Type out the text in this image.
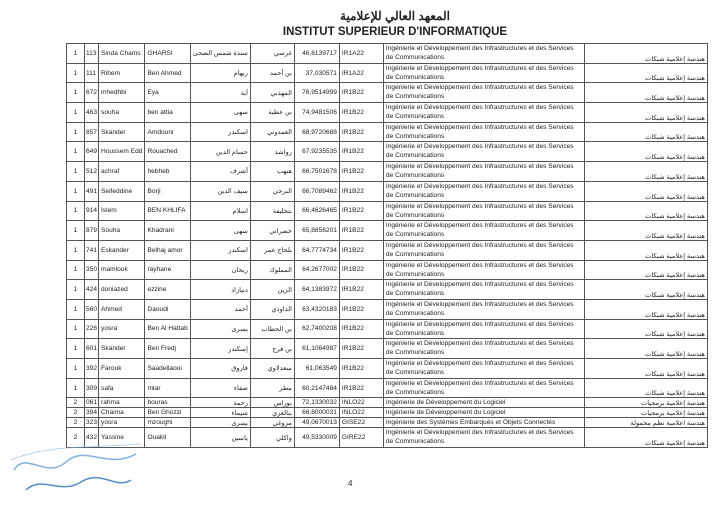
المعهد العالي للإعلامية
INSTITUT SUPERIEUR D'INFORMATIQUE
1	113	Sinda Chams	GHARSI	سندة شمس الضحى	غرسي	46,6139717	IR1A22	Ingénierie et Développement des Infrastructures et des Services de Communications	هندسة إعلامية شبكات
1	111	Rihem	Ben Ahmed	ريهام	بن أحمد	37,030571	IR1A22	Ingénierie et Développement des Infrastructures et des Services de Communications	هندسة إعلامية شبكات
1	672	mhedhbi	Eya	آية	المهذبي	76,9514999	IR1B22	Ingénierie et Développement des Infrastructures et des Services de Communications	هندسة إعلامية شبكات
1	463	souha	ben attia	سهى	بن عطية	74,9481506	IR1B22	Ingénierie et Développement des Infrastructures et des Services de Communications	هندسة إعلامية شبكات
1	857	Skander	Amdouni	اسكندر	العمدوني	68,9720688	IR1B22	Ingénierie et Développement des Infrastructures et des Services de Communications	هندسة إعلامية شبكات
1	649	Houssem Edd	Rouached	حسام الدين	رواشد	67,9235535	IR1B22	Ingénierie et Développement des Infrastructures et des Services de Communications	هندسة إعلامية شبكات
1	512	achraf	hebheb	أشرف	هبهب	66,7501678	IR1B22	Ingénierie et Développement des Infrastructures et des Services de Communications	هندسة إعلامية شبكات
1	491	Seifeddine	Borji	سيف الدين	البرجي	66,7089462	IR1B22	Ingénierie et Développement des Infrastructures et des Services de Communications	هندسة إعلامية شبكات
1	914	Islem	BEN KHLIFA	اسلام	بنخليفة	66,4626465	IR1B22	Ingénierie et Développement des Infrastructures et des Services de Communications	هندسة إعلامية شبكات
1	879	Souha	Khadrani	سهى	خضراني	65,8856201	IR1B22	Ingénierie et Développement des Infrastructures et des Services de Communications	هندسة إعلامية شبكات
1	741	Eskander	Belhaj amor	اسكندر	بلحاج عمر	64,7774734	IR1B22	Ingénierie et Développement des Infrastructures et des Services de Communications	هندسة إعلامية شبكات
1	350	mamlouk	rayhane	ريحان	المملوك	64,2677002	IR1B22	Ingénierie et Développement des Infrastructures et des Services de Communications	هندسة إعلامية شبكات
1	424	doniazed	ezzine	دنيازاد	الزين	64,1383972	IR1B22	Ingénierie et Développement des Infrastructures et des Services de Communications	هندسة إعلامية شبكات
1	560	Ahmed	Daoudi	أحمد	الداودي	63,4320183	IR1B22	Ingénierie et Développement des Infrastructures et des Services de Communications	هندسة إعلامية شبكات
1	226	yosra	Ben Al Hattab	يسرى	بن الحطاب	62,7400208	IR1B22	Ingénierie et Développement des Infrastructures et des Services de Communications	هندسة إعلامية شبكات
1	601	Skander	Ben Fredj	إسكندر	بن فرج	61,1064987	IR1B22	Ingénierie et Développement des Infrastructures et des Services de Communications	هندسة إعلامية شبكات
1	392	Farouk	Saadellaoui	فاروق	سعدلاوي	61,063549	IR1B22	Ingénierie et Développement des Infrastructures et des Services de Communications	هندسة إعلامية شبكات
1	309	safa	mtar	صفاء	مطر	60,2147484	IR1B22	Ingénierie et Développement des Infrastructures et des Services de Communications	هندسة إعلامية شبكات
2	061	rahma	bouras	رحمة	بوراس	72,1330032	INLO22	Ingénierie de Développement du Logiciel	هندسة إعلامية برمجيات
2	394	Chaima	Ben Ghozzi	شيماء	بنالغزي	66,8000031	INLO22	Ingénierie de Développement du Logiciel	هندسة إعلامية برمجيات
2	323	yosra	mzoughi	يسرى	مزوغي	49,0670013	GISE22	Ingénierie des Systèmes Embarqués et Objets Connectés	هندسة اعلامية نظم محمولة
2	432	Yassine	Ouakli	ياسين	واكلي	49,5330009	GIRE22	Ingénierie et Développement des Infrastructures et des Services de Communications	هندسة إعلامية شبكات
4
